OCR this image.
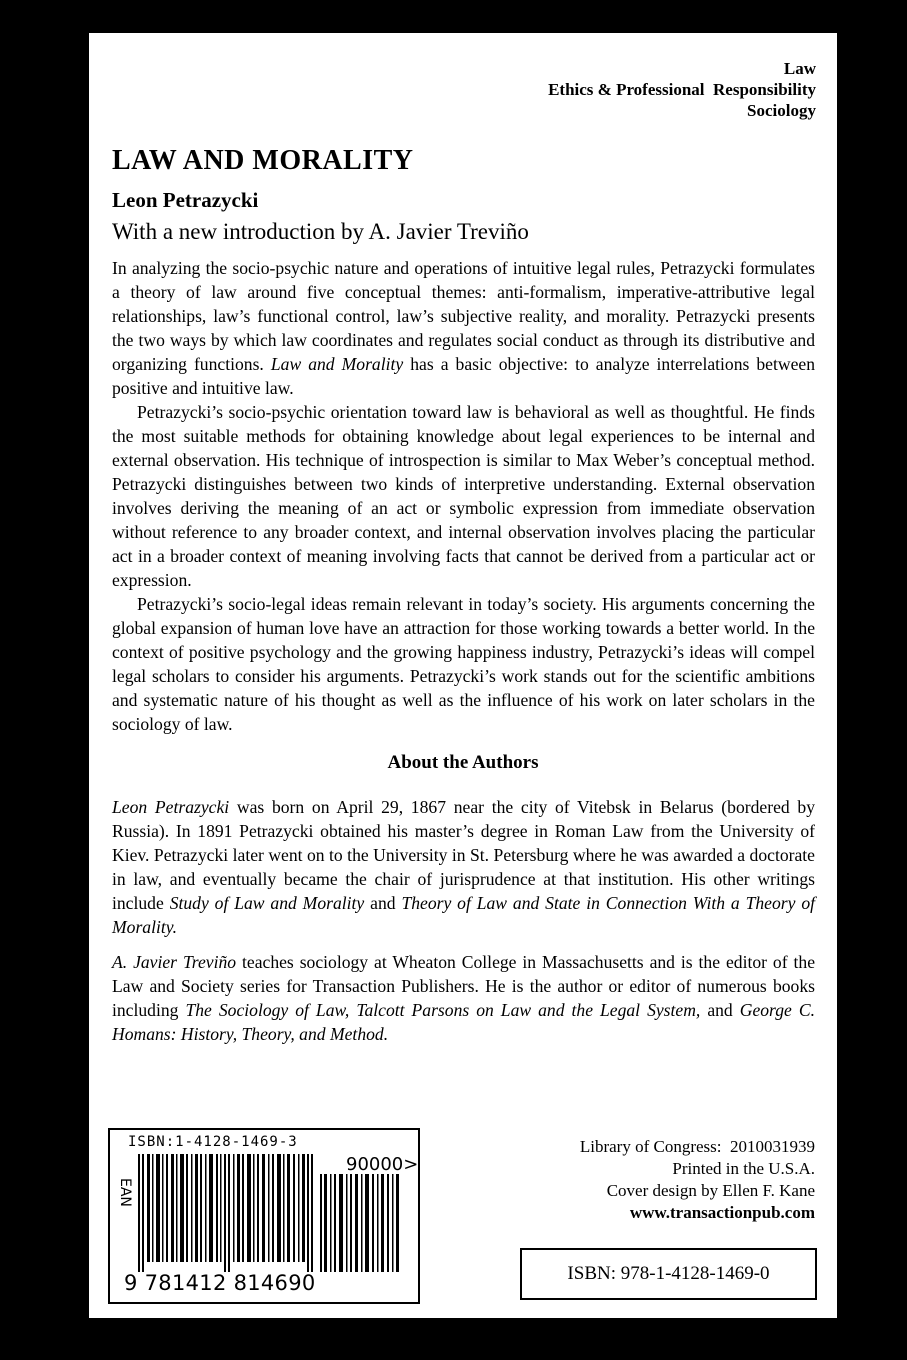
Law
Ethics & Professional  Responsibility
Sociology
LAW AND MORALITY
Leon Petrazycki
With a new introduction by A. Javier Treviño

In analyzing the socio-psychic nature and operations of intuitive legal rules, Petrazycki formulates a theory of law around five conceptual themes: anti-formalism, imperative-attributive legal relationships, law’s functional control, law’s subjective reality, and morality. Petrazycki presents the two ways by which law coordinates and regulates social conduct as through its distributive and organizing functions. Law and Morality has a basic objective: to analyze interrelations between positive and intuitive law.

Petrazycki’s socio-psychic orientation toward law is behavioral as well as thoughtful. He finds the most suitable methods for obtaining knowledge about legal experiences to be internal and external observation. His technique of introspection is similar to Max Weber’s conceptual method. Petrazycki distinguishes between two kinds of interpretive understanding. External observation involves deriving the meaning of an act or symbolic expression from immediate observation without reference to any broader context, and internal observation involves placing the particular act in a broader context of meaning involving facts that cannot be derived from a particular act or expression.

Petrazycki’s socio-legal ideas remain relevant in today’s society. His arguments concerning the global expansion of human love have an attraction for those working towards a better world. In the context of positive psychology and the growing happiness industry, Petrazycki’s ideas will compel legal scholars to consider his arguments. Petrazycki’s work stands out for the scientific ambitions and systematic nature of his thought as well as the influence of his work on later scholars in the sociology of law.

About the Authors

Leon Petrazycki was born on April 29, 1867 near the city of Vitebsk in Belarus (bordered by Russia). In 1891 Petrazycki obtained his master’s degree in Roman Law from the University of Kiev. Petrazycki later went on to the University in St. Petersburg where he was awarded a doctorate in law, and eventually became the chair of jurisprudence at that institution. His other writings include Study of Law and Morality and Theory of Law and State in Connection With a Theory of Morality.

A. Javier Treviño teaches sociology at Wheaton College in Massachusetts and is the editor of the Law and Society series for Transaction Publishers. He is the author or editor of numerous books including The Sociology of Law, Talcott Parsons on Law and the Legal System, and George C. Homans: History, Theory, and Method.

ISBN:1-4128-1469-3
EAN
90000>
9 781412 814690
Library of Congress:  2010031939
Printed in the U.S.A.
Cover design by Ellen F. Kane
www.transactionpub.com
ISBN: 978-1-4128-1469-0
